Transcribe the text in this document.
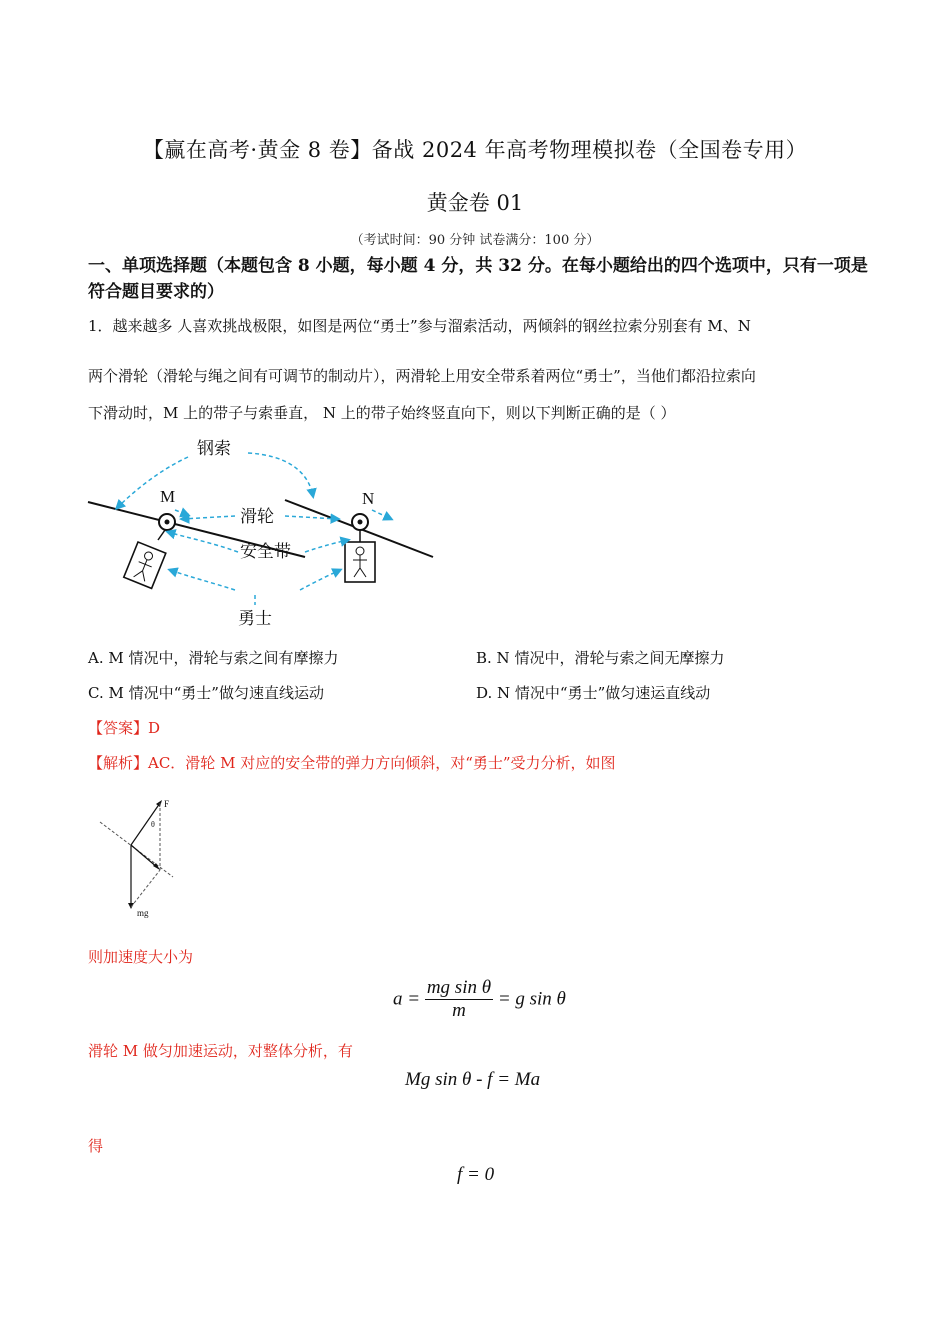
【赢在高考·黄金 8 卷】备战 2024 年高考物理模拟卷（全国卷专用）
黄金卷 01
（考试时间：90 分钟 试卷满分：100 分）
一、单项选择题（本题包含 8 小题，每小题 4 分，共 32 分。在每小题给出的四个选项中，只有一项是符合题目要求的）
1．越来越多 人喜欢挑战极限，如图是两位“勇士”参与溜索活动，两倾斜的钢丝拉索分别套有 M、N
两个滑轮（滑轮与绳之间有可调节的制动片），两滑轮上用安全带系着两位“勇士”，当他们都沿拉索向
下滑动时，M 上的带子与索垂直， N 上的带子始终竖直向下，则以下判断正确的是（ ）
钢索
M	N
滑轮
安全带
勇士
A. M 情况中，滑轮与索之间有摩擦力	B. N 情况中，滑轮与索之间无摩擦力
C. M 情况中“勇士”做匀速直线运动	D. N 情况中“勇士”做匀速运直线动
【答案】D
【解析】AC．滑轮 M 对应的安全带的弹力方向倾斜，对“勇士”受力分析，如图
F
θ
mg
则加速度大小为
$a = \frac{\text{mg sin θ}}{m} = g$ sin θ
滑轮 M 做匀加速运动，对整体分析，有
Mg sin θ - f = Ma
得
f = 0
